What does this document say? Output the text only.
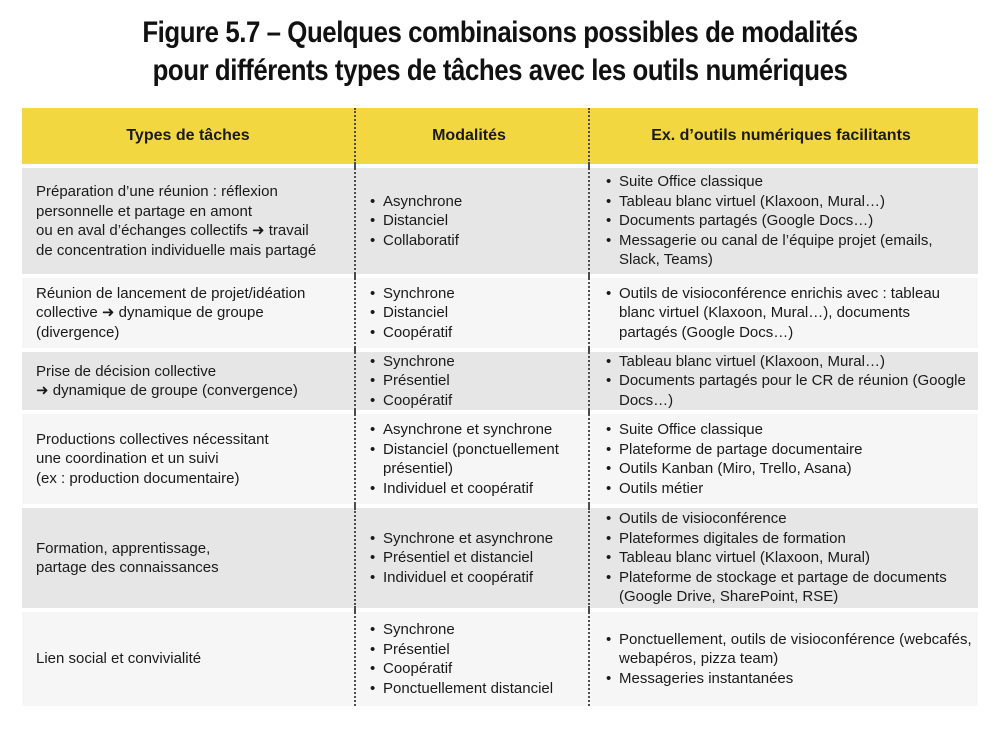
Figure 5.7 – Quelques combinaisons possibles de modalités
pour différents types de tâches avec les outils numériques
Types de tâches	Modalités	Ex. d’outils numériques facilitants
Préparation d’une réunion : réflexion
personnelle et partage en amont
ou en aval d’échanges collectifs ➜ travail
de concentration individuelle mais partagé
• Asynchrone
• Distanciel
• Collaboratif
• Suite Office classique
• Tableau blanc virtuel (Klaxoon, Mural…)
• Documents partagés (Google Docs…)
• Messagerie ou canal de l’équipe projet (emails, Slack, Teams)
Réunion de lancement de projet/idéation
collective ➜ dynamique de groupe
(divergence)
• Synchrone
• Distanciel
• Coopératif
• Outils de visioconférence enrichis avec : tableau blanc virtuel (Klaxoon, Mural…), documents partagés (Google Docs…)
Prise de décision collective
➜ dynamique de groupe (convergence)
• Synchrone
• Présentiel
• Coopératif
• Tableau blanc virtuel (Klaxoon, Mural…)
• Documents partagés pour le CR de réunion (Google Docs…)
Productions collectives nécessitant
une coordination et un suivi
(ex : production documentaire)
• Asynchrone et synchrone
• Distanciel (ponctuellement présentiel)
• Individuel et coopératif
• Suite Office classique
• Plateforme de partage documentaire
• Outils Kanban (Miro, Trello, Asana)
• Outils métier
Formation, apprentissage,
partage des connaissances
• Synchrone et asynchrone
• Présentiel et distanciel
• Individuel et coopératif
• Outils de visioconférence
• Plateformes digitales de formation
• Tableau blanc virtuel (Klaxoon, Mural)
• Plateforme de stockage et partage de documents (Google Drive, SharePoint, RSE)
Lien social et convivialité
• Synchrone
• Présentiel
• Coopératif
• Ponctuellement distanciel
• Ponctuellement, outils de visioconférence (webcafés, webapéros, pizza team)
• Messageries instantanées
